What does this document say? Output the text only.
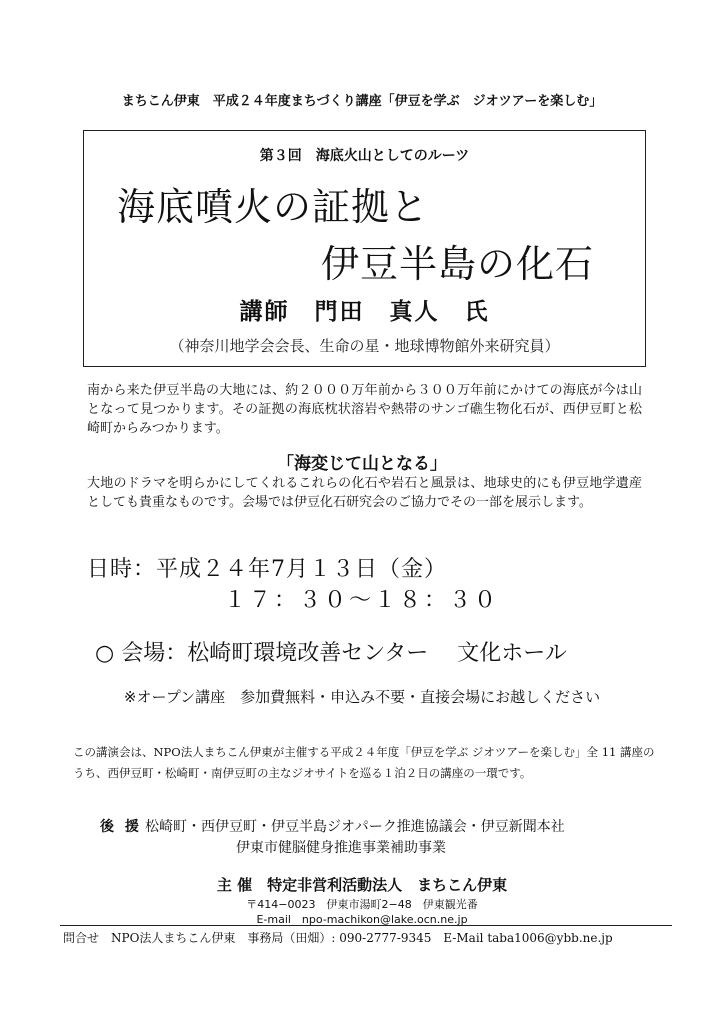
まちこん伊東　平成２４年度まちづくり講座「伊豆を学ぶ　ジオツアーを楽しむ」
第３回　海底火山としてのルーツ
海底噴火の証拠と
伊豆半島の化石
講師　門田　真人　氏
（神奈川地学会会長、生命の星・地球博物館外来研究員）
南から来た伊豆半島の大地には、約２０００万年前から３００万年前にかけての海底が今は山となって見つかります。その証拠の海底枕状溶岩や熱帯のサンゴ礁生物化石が、西伊豆町と松崎町からみつかります。
「海変じて山となる」
大地のドラマを明らかにしてくれるこれらの化石や岩石と風景は、地球史的にも伊豆地学遺産としても貴重なものです。会場では伊豆化石研究会のご協力でその一部を展示します。
日時：平成２４年7月１３日（金）
１７：３０〜１８：３０
○ 会場：松崎町環境改善センター　 文化ホール
※オープン講座　参加費無料・申込み不要・直接会場にお越しください
この講演会は、NPO法人まちこん伊東が主催する平成２４年度「伊豆を学ぶ ジオツアーを楽しむ」全 11 講座のうち、西伊豆町・松崎町・南伊豆町の主なジオサイトを巡る１泊２日の講座の一環です。
後 援 松崎町・西伊豆町・伊豆半島ジオパーク推進協議会・伊豆新聞本社
伊東市健脳健身推進事業補助事業
主 催　特定非営利活動法人　まちこん伊東
〒414−0023　伊東市湯町2−48　伊東観光番
E-mail　npo-machikon@lake.ocn.ne.jp
問合せ　NPO法人まちこん伊東　事務局（田畑）: 090-2777-9345　E-Mail taba1006@ybb.ne.jp
